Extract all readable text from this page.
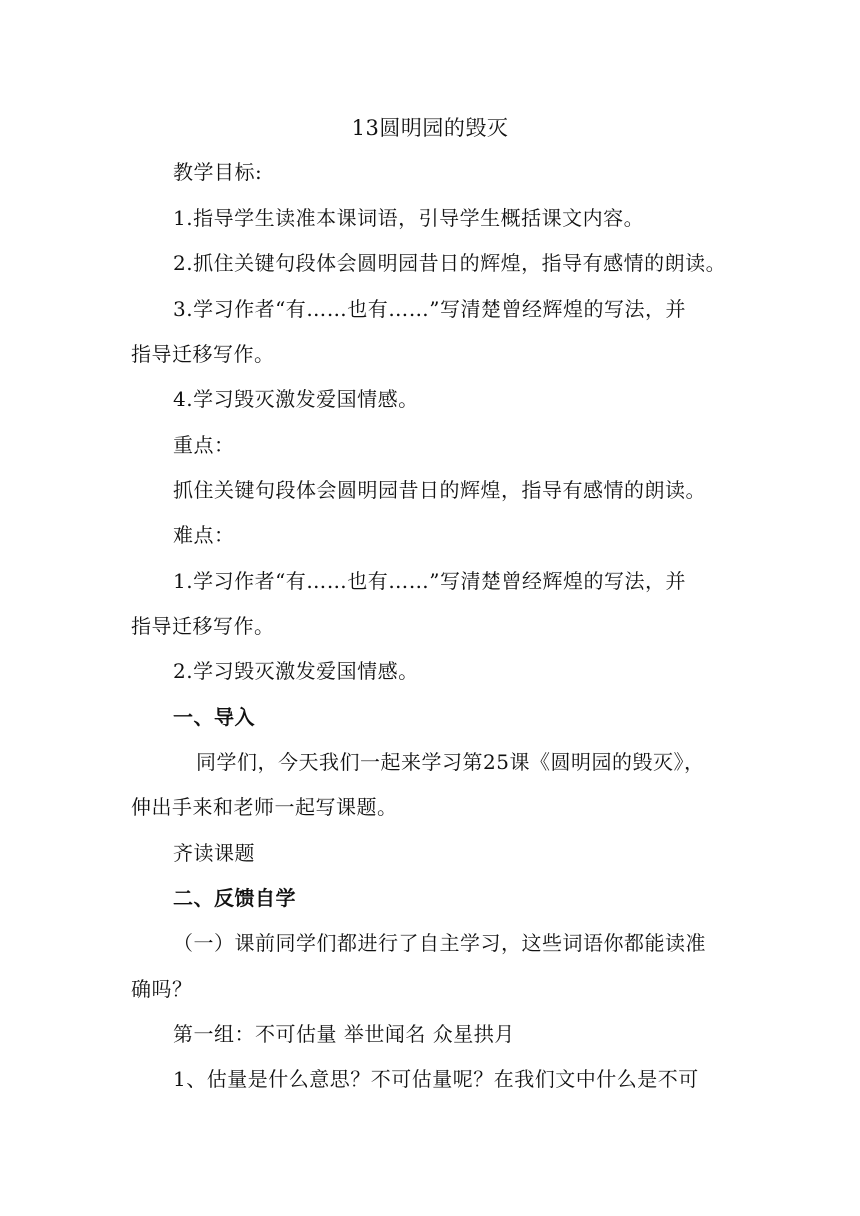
13圆明园的毁灭
教学目标:
1.指导学生读准本课词语，引导学生概括课文内容。
2.抓住关键句段体会圆明园昔日的辉煌，指导有感情的朗读。
3.学习作者“有……也有……”写清楚曾经辉煌的写法，并
指导迁移写作。
4.学习毁灭激发爱国情感。
重点：
抓住关键句段体会圆明园昔日的辉煌，指导有感情的朗读。
难点：
1.学习作者“有……也有……”写清楚曾经辉煌的写法，并
指导迁移写作。
2.学习毁灭激发爱国情感。
一、导入
同学们，今天我们一起来学习第25课《圆明园的毁灭》，
伸出手来和老师一起写课题。
齐读课题
二、反馈自学
（一）课前同学们都进行了自主学习，这些词语你都能读准
确吗？
第一组：不可估量 举世闻名 众星拱月
1、估量是什么意思？不可估量呢？在我们文中什么是不可
